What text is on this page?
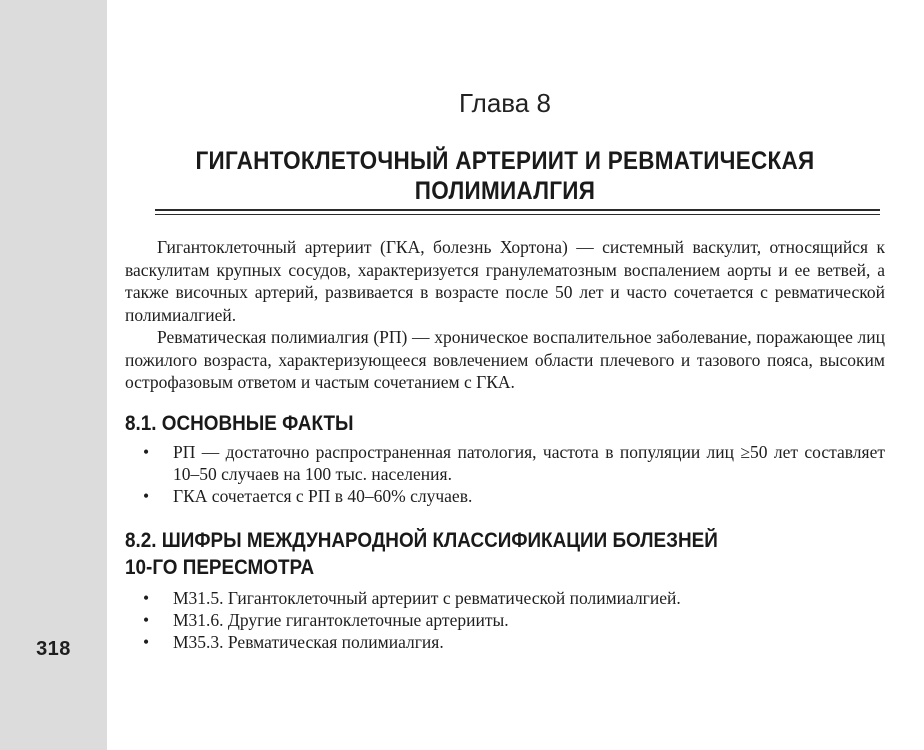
318
Глава 8
ГИГАНТОКЛЕТОЧНЫЙ АРТЕРИИТ И РЕВМАТИЧЕСКАЯ
ПОЛИМИАЛГИЯ

Гигантоклеточный артериит (ГКА, болезнь Хортона) — системный васкулит, относящийся к васкулитам крупных сосудов, характеризуется гранулематозным воспалением аорты и ее ветвей, а также височных артерий, развивается в возрасте после 50 лет и часто сочетается с ревматической полимиалгией.

Ревматическая полимиалгия (РП) — хроническое воспалительное заболевание, поражающее лиц пожилого возраста, характеризующееся вовлечением области плечевого и тазового пояса, высоким острофазовым ответом и частым сочетанием с ГКА.

8.1. ОСНОВНЫЕ ФАКТЫ
• РП — достаточно распространенная патология, частота в популяции лиц ≥50 лет составляет 10–50 случаев на 100 тыс. населения.
• ГКА сочетается с РП в 40–60% случаев.
8.2. ШИФРЫ МЕЖДУНАРОДНОЙ КЛАССИФИКАЦИИ БОЛЕЗНЕЙ
10-ГО ПЕРЕСМОТРА
• М31.5. Гигантоклеточный артериит с ревматической полимиалгией.
• М31.6. Другие гигантоклеточные артерииты.
• М35.3. Ревматическая полимиалгия.
